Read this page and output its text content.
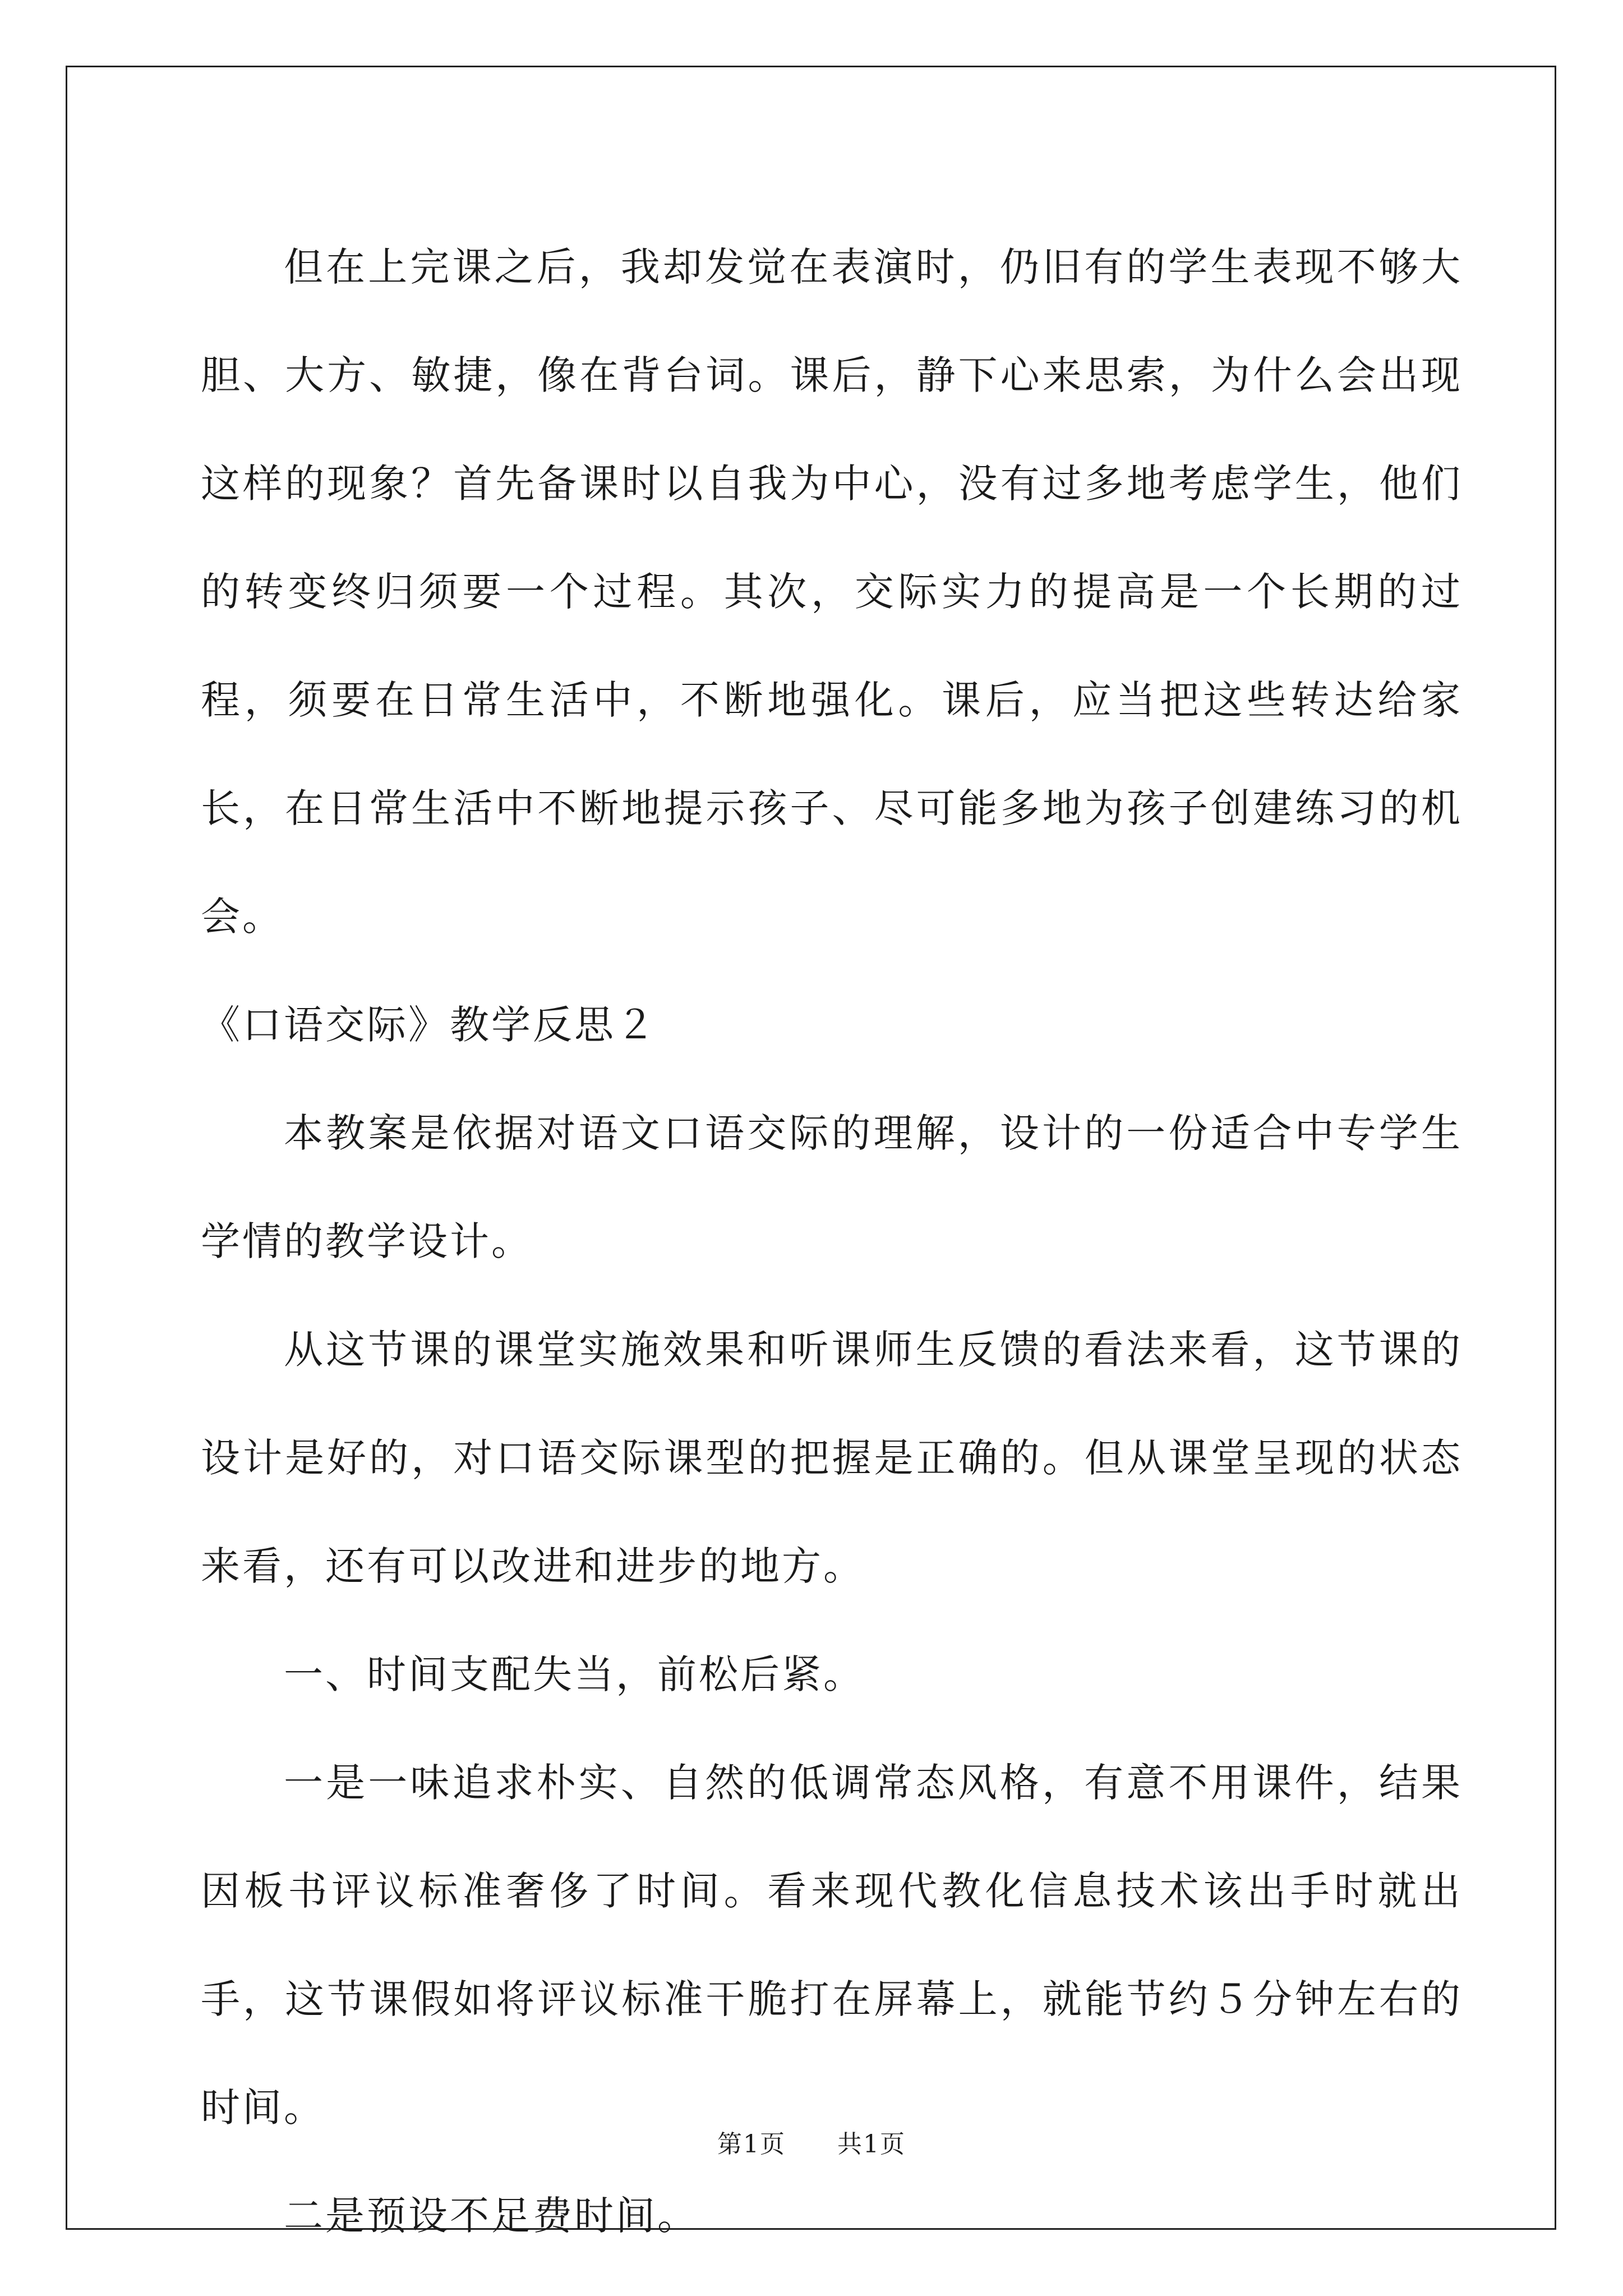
但在上完课之后，我却发觉在表演时，仍旧有的学生表现不够大胆、大方、敏捷，像在背台词。课后，静下心来思索，为什么会出现这样的现象？首先备课时以自我为中心，没有过多地考虑学生，他们的转变终归须要一个过程。其次，交际实力的提高是一个长期的过程，须要在日常生活中，不断地强化。课后，应当把这些转达给家长，在日常生活中不断地提示孩子、尽可能多地为孩子创建练习的机会。

《口语交际》教学反思２

本教案是依据对语文口语交际的理解，设计的一份适合中专学生学情的教学设计。

从这节课的课堂实施效果和听课师生反馈的看法来看，这节课的设计是好的，对口语交际课型的把握是正确的。但从课堂呈现的状态来看，还有可以改进和进步的地方。

一、时间支配失当，前松后紧。

一是一味追求朴实、自然的低调常态风格，有意不用课件，结果因板书评议标准奢侈了时间。看来现代教化信息技术该出手时就出手，这节课假如将评议标准干脆打在屏幕上，就能节约５分钟左右的时间。

二是预设不足费时间。

第1页 共1页
